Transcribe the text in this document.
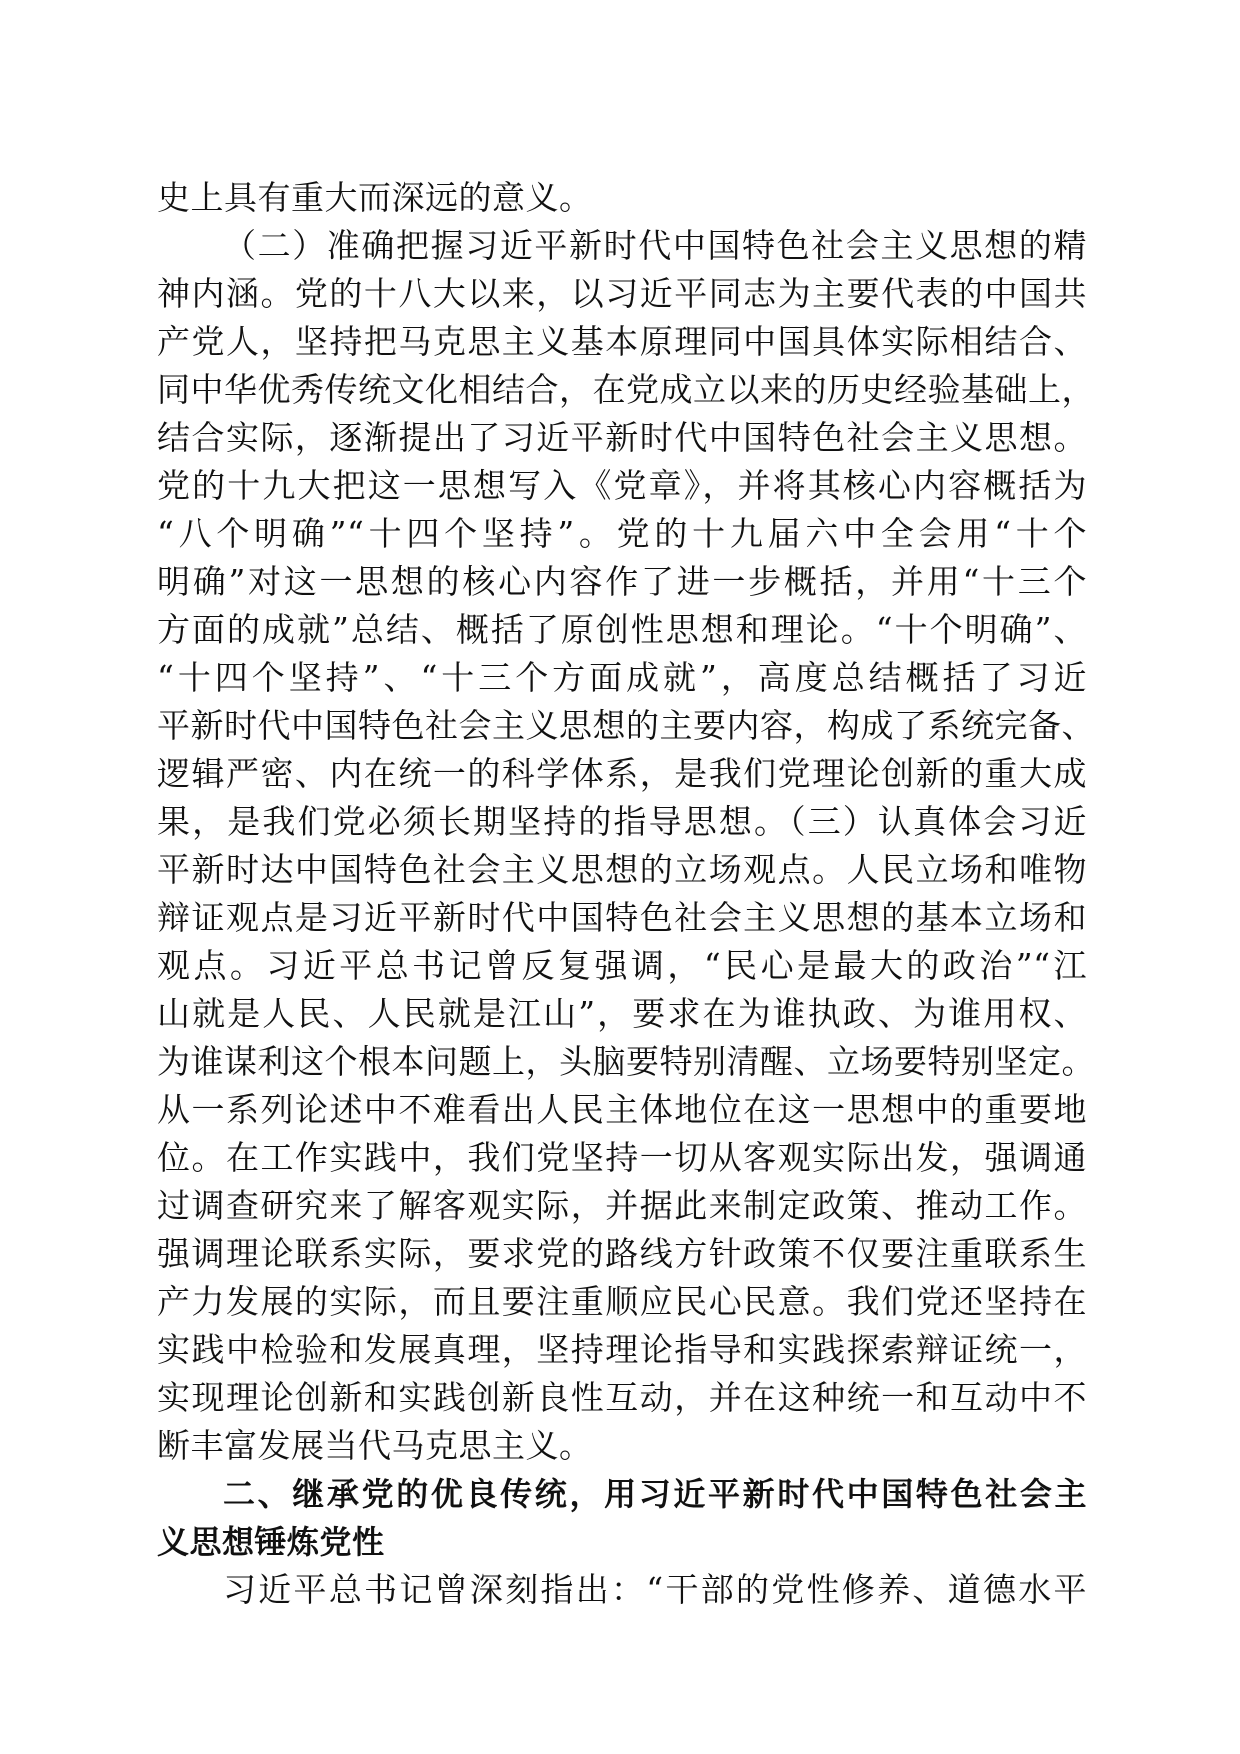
史上具有重大而深远的意义。
（二）准确把握习近平新时代中国特色社会主义思想的精
神内涵。党的十八大以来，以习近平同志为主要代表的中国共
产党人，坚持把马克思主义基本原理同中国具体实际相结合、
同中华优秀传统文化相结合，在党成立以来的历史经验基础上，
结合实际，逐渐提出了习近平新时代中国特色社会主义思想。
党的十九大把这一思想写入《党章》，并将其核心内容概括为
“八个明确”“十四个坚持”。党的十九届六中全会用“十个
明确”对这一思想的核心内容作了进一步概括，并用“十三个
方面的成就”总结、概括了原创性思想和理论。“十个明确”、
“十四个坚持”、“十三个方面成就”，高度总结概括了习近
平新时代中国特色社会主义思想的主要内容，构成了系统完备、
逻辑严密、内在统一的科学体系，是我们党理论创新的重大成
果，是我们党必须长期坚持的指导思想。（三）认真体会习近
平新时达中国特色社会主义思想的立场观点。人民立场和唯物
辩证观点是习近平新时代中国特色社会主义思想的基本立场和
观点。习近平总书记曾反复强调，“民心是最大的政治”“江
山就是人民、人民就是江山”，要求在为谁执政、为谁用权、
为谁谋利这个根本问题上，头脑要特别清醒、立场要特别坚定。
从一系列论述中不难看出人民主体地位在这一思想中的重要地
位。在工作实践中，我们党坚持一切从客观实际出发，强调通
过调查研究来了解客观实际，并据此来制定政策、推动工作。
强调理论联系实际，要求党的路线方针政策不仅要注重联系生
产力发展的实际，而且要注重顺应民心民意。我们党还坚持在
实践中检验和发展真理，坚持理论指导和实践探索辩证统一，
实现理论创新和实践创新良性互动，并在这种统一和互动中不
断丰富发展当代马克思主义。
二、继承党的优良传统，用习近平新时代中国特色社会主
义思想锤炼党性
习近平总书记曾深刻指出：“干部的党性修养、道德水平
